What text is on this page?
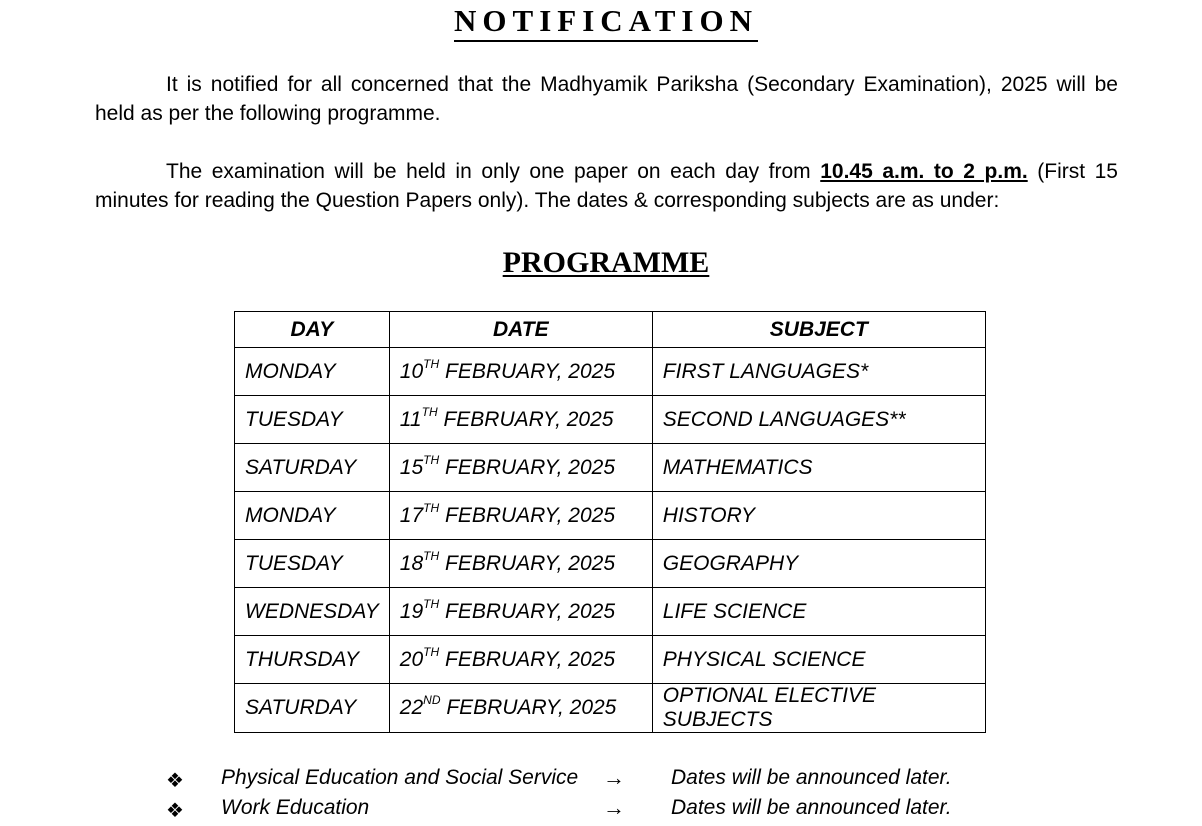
NOTIFICATION
It is notified for all concerned that the Madhyamik Pariksha (Secondary Examination), 2025 will be held as per the following programme.
The examination will be held in only one paper on each day from 10.45 a.m. to 2 p.m. (First 15 minutes for reading the Question Papers only). The dates & corresponding subjects are as under:
PROGRAMME
DAY	DATE	SUBJECT
MONDAY	10TH FEBRUARY, 2025	FIRST LANGUAGES*
TUESDAY	11TH FEBRUARY, 2025	SECOND LANGUAGES**
SATURDAY	15TH FEBRUARY, 2025	MATHEMATICS
MONDAY	17TH FEBRUARY, 2025	HISTORY
TUESDAY	18TH FEBRUARY, 2025	GEOGRAPHY
WEDNESDAY	19TH FEBRUARY, 2025	LIFE SCIENCE
THURSDAY	20TH FEBRUARY, 2025	PHYSICAL SCIENCE
SATURDAY	22ND FEBRUARY, 2025	OPTIONAL ELECTIVE SUBJECTS
❖ Physical Education and Social Service → Dates will be announced later.
❖ Work Education	→ Dates will be announced later.
